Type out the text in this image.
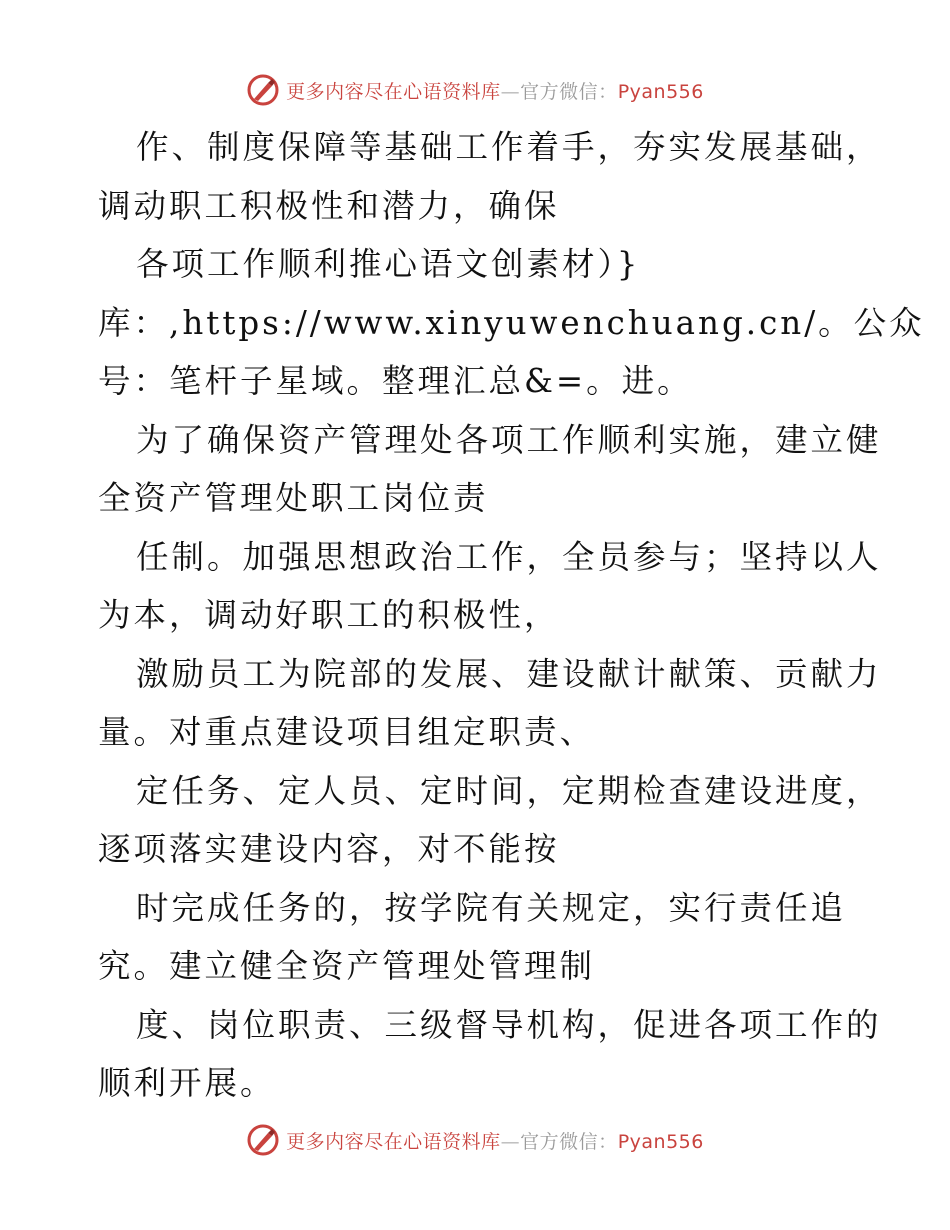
更多内容尽在心语资料库—官方微信：Pyan556
作、制度保障等基础工作着手，夯实发展基础，
调动职工积极性和潜力，确保
各项工作顺利推心语文创素材）}
库：,https://www.xinyuwenchuang.cn/。公众
号：笔杆子星域。整理汇总&=。进。
为了确保资产管理处各项工作顺利实施，建立健
全资产管理处职工岗位责
任制。加强思想政治工作，全员参与；坚持以人
为本，调动好职工的积极性，
激励员工为院部的发展、建设献计献策、贡献力
量。对重点建设项目组定职责、
定任务、定人员、定时间，定期检查建设进度，
逐项落实建设内容，对不能按
时完成任务的，按学院有关规定，实行责任追
究。建立健全资产管理处管理制
度、岗位职责、三级督导机构，促进各项工作的
顺利开展。
更多内容尽在心语资料库—官方微信：Pyan556
